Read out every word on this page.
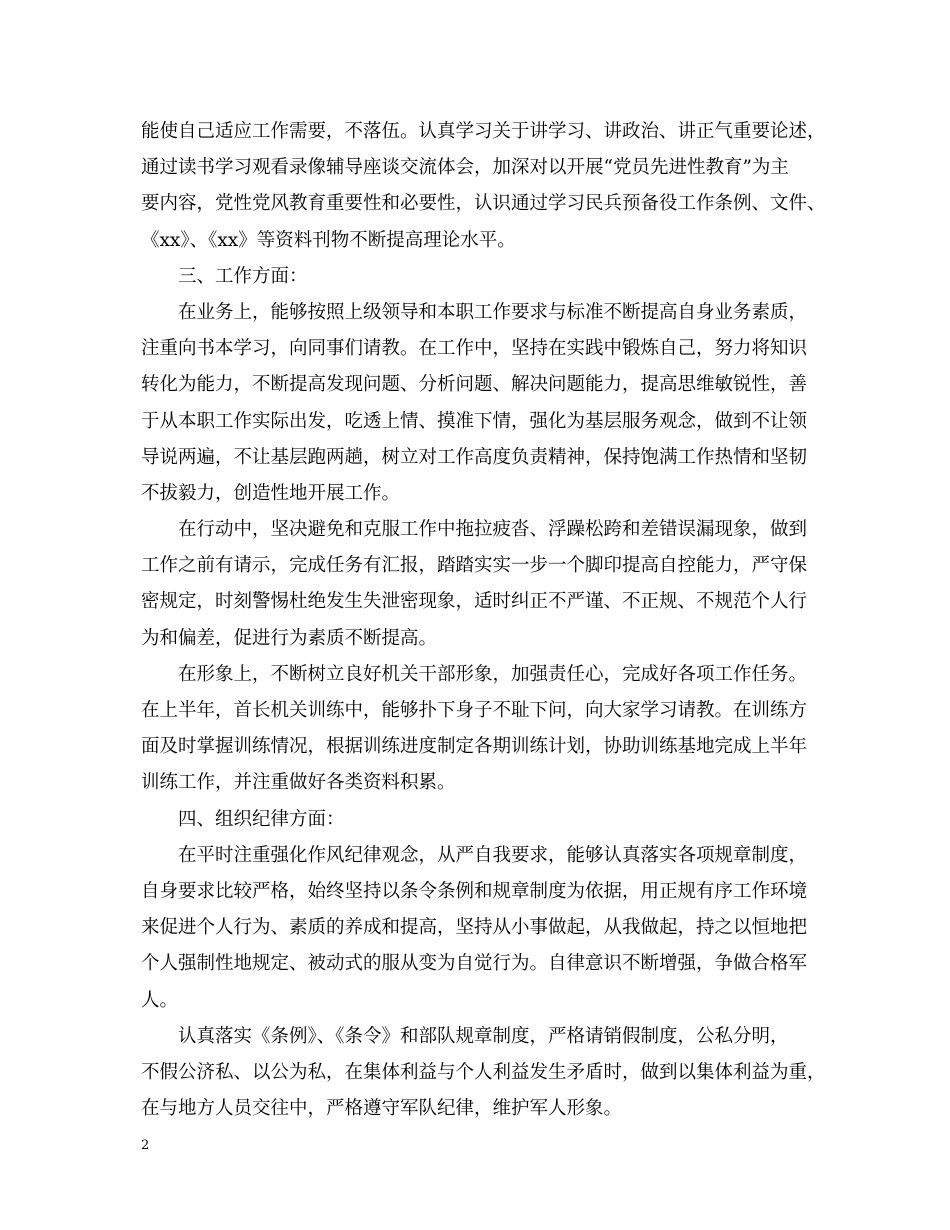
能使自己适应工作需要，不落伍。认真学习关于讲学习、讲政治、讲正气重要论述，

通过读书学习观看录像辅导座谈交流体会，加深对以开展“党员先进性教育”为主

要内容，党性党风教育重要性和必要性，认识通过学习民兵预备役工作条例、文件、

《xx》、《xx》等资料刊物不断提高理论水平。

三、工作方面：

在业务上，能够按照上级领导和本职工作要求与标准不断提高自身业务素质，

注重向书本学习，向同事们请教。在工作中，坚持在实践中锻炼自己，努力将知识

转化为能力，不断提高发现问题、分析问题、解决问题能力，提高思维敏锐性，善

于从本职工作实际出发，吃透上情、摸准下情，强化为基层服务观念，做到不让领

导说两遍，不让基层跑两趟，树立对工作高度负责精神，保持饱满工作热情和坚韧

不拔毅力，创造性地开展工作。

在行动中，坚决避免和克服工作中拖拉疲沓、浮躁松跨和差错误漏现象，做到

工作之前有请示，完成任务有汇报，踏踏实实一步一个脚印提高自控能力，严守保

密规定，时刻警惕杜绝发生失泄密现象，适时纠正不严谨、不正规、不规范个人行

为和偏差，促进行为素质不断提高。

在形象上，不断树立良好机关干部形象，加强责任心，完成好各项工作任务。

在上半年，首长机关训练中，能够扑下身子不耻下问，向大家学习请教。在训练方

面及时掌握训练情况，根据训练进度制定各期训练计划，协助训练基地完成上半年

训练工作，并注重做好各类资料积累。

四、组织纪律方面：

在平时注重强化作风纪律观念，从严自我要求，能够认真落实各项规章制度，

自身要求比较严格，始终坚持以条令条例和规章制度为依据，用正规有序工作环境

来促进个人行为、素质的养成和提高，坚持从小事做起，从我做起，持之以恒地把

个人强制性地规定、被动式的服从变为自觉行为。自律意识不断增强，争做合格军

人。

认真落实《条例》、《条令》和部队规章制度，严格请销假制度，公私分明，

不假公济私、以公为私，在集体利益与个人利益发生矛盾时，做到以集体利益为重，

在与地方人员交往中，严格遵守军队纪律，维护军人形象。

2
